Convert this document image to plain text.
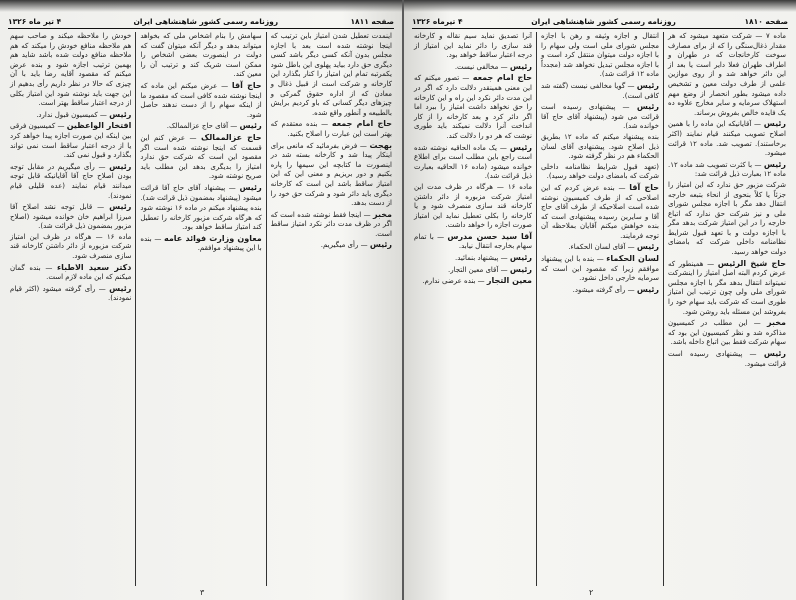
صفحه ۱۸۱۱
روزنامه رسمی کشور شاهنشاهی ایران
۴ تیر ماه ۱۳۲۶

اینمدت تعطیل شدن امتیاز باین ترتیب که اینجا نوشته شده است بعد با اجازه مجلس بدون آنکه کسی دیگر باشد کسی دیگری حق دارد بیاید پهلوی این باطل شود یکمرتبه تمام این امتیاز را کنار بگذارد این کارخانه و شرکت است از قبیل ذغال و معادن که از اداره حقوق گمرکی و چیزهای دیگر کسانی که باو کردیم برایش بالطبیعه و آنطور واقع شده.

حاج امام جمعه — بنده معتقدم که بهتر است این عبارت را اصلاح بکنید.

بهجت — فرض بفرمائید که مانعی برای اینکار پیدا شد و کارخانه بسته شد در اینصورت ما کتابچه این سیمها را پاره بکنیم و دور بریزیم و معنی این که این امتیاز ساقط باشد این است که کارخانه دیگری باید دائر شود و شرکت حق خود را از دست بدهد.

مخبر — اینجا فقط نوشته شده است که اگر در ظرف مدت دائر نکرد امتیاز ساقط است.

رئیس — رأی میگیریم.

سهامش را بنام اشخاص ملی که بخواهد میتواند بدهد و دیگر آنکه میتوان گفت که دولت در اینصورت بعضی اشخاص را ممکن است شریک کند و ترتیب آن را معین کند.

حاج آقا — عرض میکنم این ماده که اینجا نوشته شده کافی است که مقصود ما از اینکه سهام را از دست ندهند حاصل شود.

رئیس — آقای حاج عزالممالک.

حاج عزالممالک — عرض کنم این قسمت که اینجا نوشته شده است اگر مقصود این است که شرکت حق ندارد امتیاز را بدیگری بدهد این مطلب باید صریح نوشته شود.

رئیس — پیشنهاد آقای حاج آقا قرائت میشود (پیشنهاد بمضمون ذیل قرائت شد).

بنده پیشنهاد میکنم در ماده ۱۶ نوشته شود که هرگاه شرکت مزبور کارخانه را تعطیل کند امتیاز ساقط خواهد بود.

معاون وزارت فوائد عامه — بنده با این پیشنهاد موافقم.

خودش را ملاحظه میکند و صاحب سهم هم ملاحظه منافع خودش را میکند که هم ملاحظه منافع دولت شده باشد شاید هم بهمین ترتیب اجازه شود و بنده عرض میکنم که مقصود آقایه رضا باید با آن چیزی که حالا در نظر داریم رأی بدهیم از این جهت باید نوشته شود این امتیاز بکلی از درجه اعتبار ساقط بهتر است.

رئیس — کمیسیون قبول ندارد.

افتخار الواعظین — کمیسیون فرقی بین اینکه این صورت اجازه پیدا خواهد کرد یا از درجه اعتبار ساقط است نمی تواند بگذارد و قبول نمی کند.

رئیس — رأی میگیریم در مقابل توجه بودن اصلاح حاج آقا آقایانیکه قابل توجه میدانند قیام نمایند (عده قلیلی قیام نمودند).

رئیس — قابل توجه نشد اصلاح آقا میرزا ابراهیم خان خوانده میشود (اصلاح مزبور بمضمون ذیل قرائت شد).

ماده ۱۶ — هرگاه در ظرف این امتیاز شرکت مزبوره از دائر داشتن کارخانه قند سازی منصرف شود.

دکتر سعید الاطباء — بنده گمان میکنم که این ماده لازم است.

رئیس — رأی گرفته میشود (اکثر قیام نمودند).

۳
صفحه ۱۸۱۰
روزنامه رسمی کشور شاهنشاهی ایران
۴ تیرماه ۱۳۲۶

ماده ۷ — شرکت متعهد میشود که هر مقدار ذغال‌سنگی را که از برای مصارف سوخت کارخانجات که در طهران و اطراف طهران فعلا دایر است یا بعد از این دائر خواهد شد و از روی موازین علمی از طرف دولت معین و تشخیص داده میشود بطور انحصار از وضع مهم استهلاک سرمایه و سایر مخارج علاوه ده یک فایده خالص بفروش برساند.

رئیس — آقایانیکه این ماده را با همین اصلاح تصویب میکنند قیام نمایند (اکثر برخاستند). تصویب شد. ماده ۱۲ قرائت میشود.

رئیس — با کثرت تصویب شد ماده ۱۲. ماده ۱۲ بعبارت ذیل قرائت شد:

شرکت مزبور حق ندارد که این امتیاز را جزئاً یا کلاً بنحوی از انحاء بتبعه خارجه انتقال دهد مگر با اجازه مجلس شورای ملی و نیز شرکت حق ندارد که اتباع خارجه را در این امتیاز شرکت بدهد مگر با اجازه دولت و با تعهد قبول شرایط نظامنامه داخلی شرکت که بامضای دولت خواهد رسید.

حاج شیخ الرئیس — همینطور که عرض کردم البته اصل امتیاز را اینشرکت نمیتواند انتقال بدهد مگر با اجازه مجلس شورای ملی ولی چون ترتیب این امتیاز طوری است که شرکت باید سهام خود را بفروشد این مسئله باید روشن شود.

مخبر — این مطلب در کمیسیون مذاکره شد و نظر کمیسیون این بود که سهام شرکت فقط بین اتباع داخله باشد.

رئیس — پیشنهادی رسیده است قرائت میشود.

انتقال و اجازه وثیقه و رهن با اجازه مجلس شورای ملی است ولی سهام را با اجازه دولت میتوان منتقل کرد است و با اجازه مجلس تبدیل نخواهد شد (مجدداً ماده ۱۲ قرائت شد).

رئیس — گویا مخالفی نیست (گفته شد کافی است).

رئیس — پیشنهادی رسیده است قرائت می شود (پیشنهاد آقای حاج آقا خوانده شد).

بنده پیشنهاد میکنم که ماده ۱۲ بطریق ذیل اصلاح شود. پیشنهادی آقای لسان الحکماء هم در نظر گرفته شود.

(تعهد قبول شرایط نظامنامه داخلی شرکت که بامضای دولت خواهد رسید).

حاج آقا — بنده عرض کردم که این اصلاحی که از طرف کمیسیون نوشته شده است اصلاحیکه از طرف آقای حاج آقا و سایرین رسیده پیشنهادی است که بنده خواهش میکنم آقایان بملاحظه آن توجه فرمایند.

رئیس — آقای لسان الحکماء.

لسان الحکماء — بنده با این پیشنهاد موافقم زیرا که مقصود این است که سرمایه خارجی داخل نشود.

رئیس — رأی گرفته میشود.

آنرا تصدیق نماید سیم نقاله و کارخانه قند سازی را دائر نماید این امتیاز از درجه اعتبار ساقط خواهد بود.

رئیس — مخالفی نیست.

حاج امام جمعه — تصور میکنم که این معنی همینقدر دلالت دارد که اگر در این مدت دائر نکرد این راه و این کارخانه را حق نخواهد داشت امتیاز را ببرد اما اگر دائر کرد و بعد کارخانه را از کار انداخت آنرا دلالت نمیکند باید طوری نوشت که هر دو را دلالت کند.

رئیس — یک ماده الحاقیه نوشته شده است راجع باین مطلب است برای اطلاع خوانده میشود (ماده ۱۶ الحاقیه بعبارت ذیل قرائت شد).

ماده ۱۶ — هرگاه در ظرف مدت این امتیاز شرکت مزبوره از دائر داشتن کارخانه قند سازی منصرف شود و یا کارخانه را بکلی تعطیل نماید این امتیاز صورت اجازه را خواهد داشت.

آقا سید حسن مدرس — با تمام سهام بخارجه انتقال نیابد.

رئیس — پیشنهاد بنمائید.

رئیس — آقای معین التجار.

معین التجار — بنده عرضی ندارم.

۲
